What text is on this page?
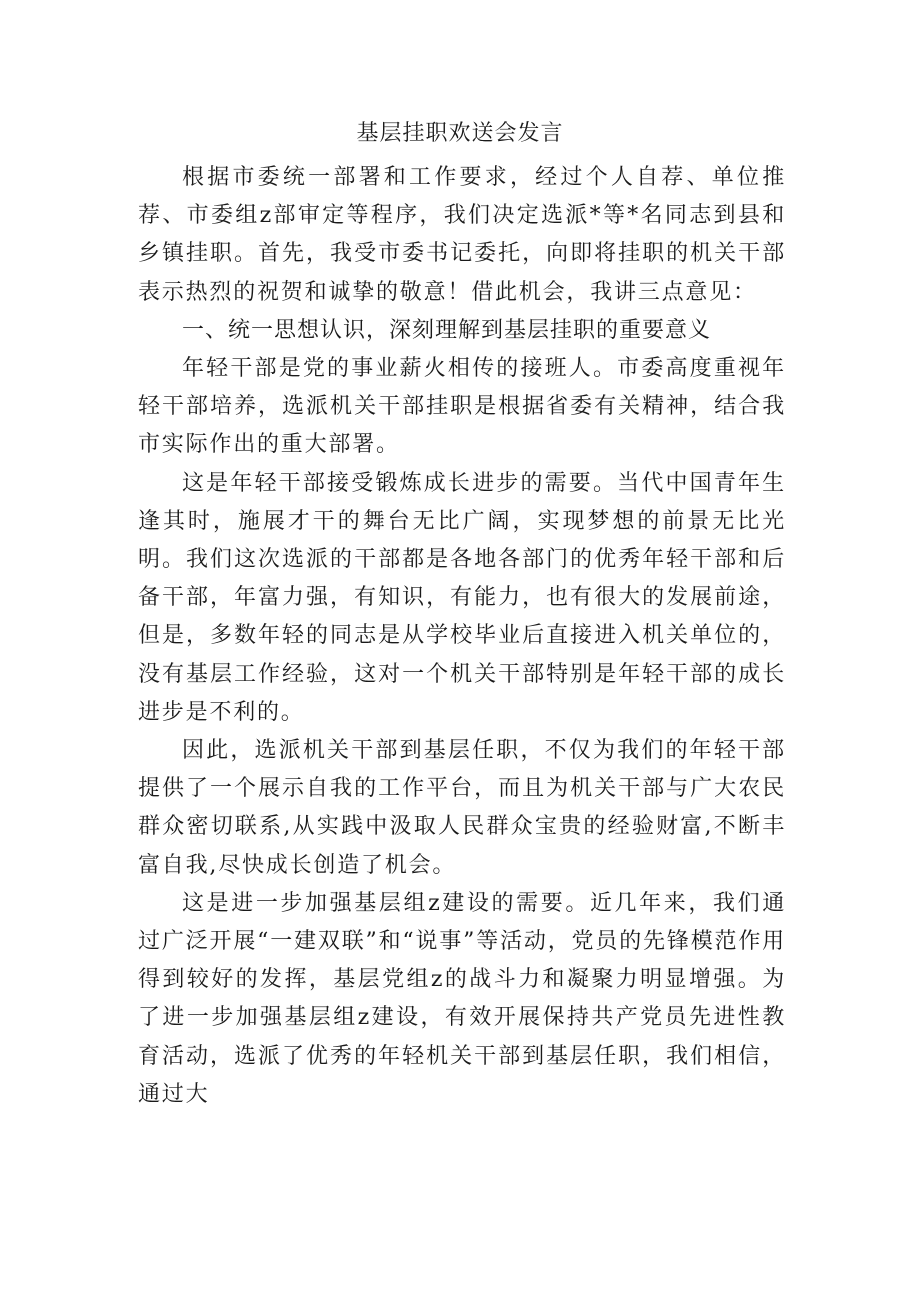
基层挂职欢送会发言

根据市委统一部署和工作要求，经过个人自荐、单位推荐、市委组z部审定等程序，我们决定选派*等*名同志到县和乡镇挂职。首先，我受市委书记委托，向即将挂职的机关干部表示热烈的祝贺和诚挚的敬意！借此机会，我讲三点意见：

一、统一思想认识，深刻理解到基层挂职的重要意义

年轻干部是党的事业薪火相传的接班人。市委高度重视年轻干部培养，选派机关干部挂职是根据省委有关精神，结合我市实际作出的重大部署。

这是年轻干部接受锻炼成长进步的需要。当代中国青年生逢其时，施展才干的舞台无比广阔，实现梦想的前景无比光明。我们这次选派的干部都是各地各部门的优秀年轻干部和后备干部，年富力强，有知识，有能力，也有很大的发展前途，但是，多数年轻的同志是从学校毕业后直接进入机关单位的，没有基层工作经验，这对一个机关干部特别是年轻干部的成长进步是不利的。

因此，选派机关干部到基层任职，不仅为我们的年轻干部提供了一个展示自我的工作平台，而且为机关干部与广大农民群众密切联系,从实践中汲取人民群众宝贵的经验财富,不断丰富自我,尽快成长创造了机会。

这是进一步加强基层组z建设的需要。近几年来，我们通过广泛开展“一建双联”和“说事”等活动，党员的先锋模范作用得到较好的发挥，基层党组z的战斗力和凝聚力明显增强。为了进一步加强基层组z建设，有效开展保持共产党员先进性教育活动，选派了优秀的年轻机关干部到基层任职，我们相信，通过大
